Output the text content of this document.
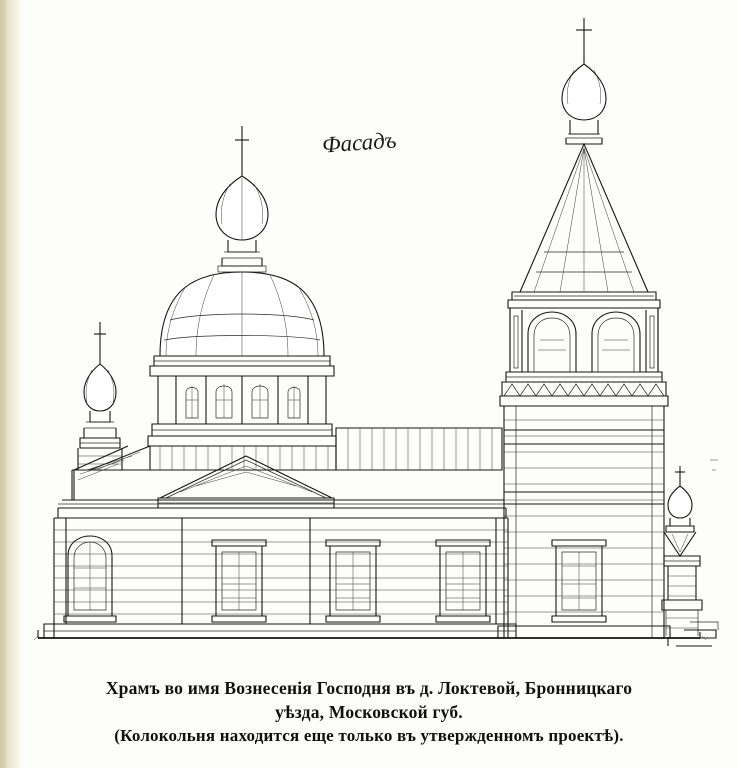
Фасадъ
Храмъ во имя Вознесенія Господня въ д. Локтевой, Бронницкаго
уѣзда, Московской губ.
(Колокольня находится еще только въ утвержденномъ проектѣ).
